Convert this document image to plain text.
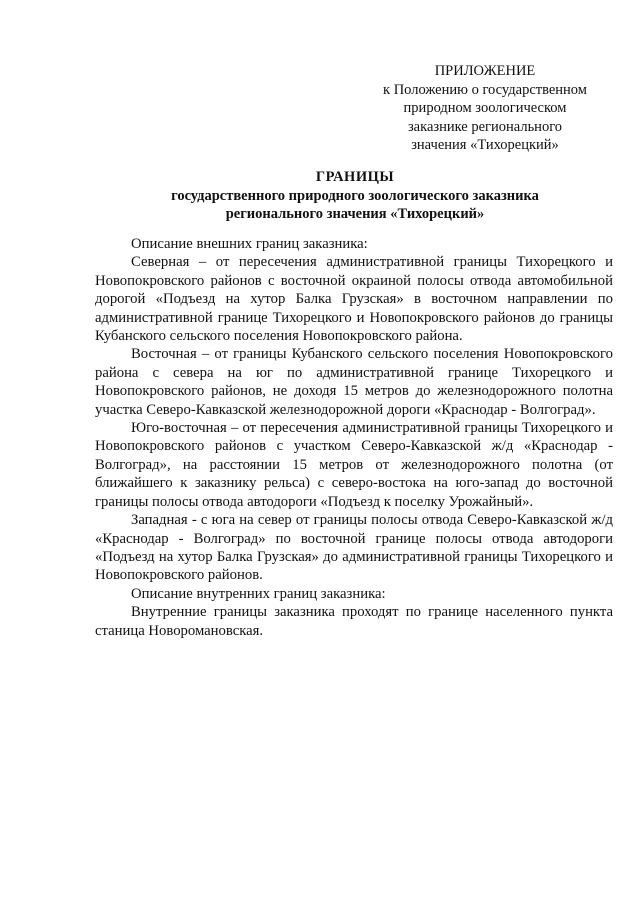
ПРИЛОЖЕНИЕ
к Положению о государственном
природном зоологическом
заказнике регионального
значения «Тихорецкий»
ГРАНИЦЫ
государственного природного зоологического заказника
регионального значения «Тихорецкий»

Описание внешних границ заказника:

Северная – от пересечения административной границы Тихорецкого и Новопокровского районов с восточной окраиной полосы отвода автомобильной дорогой «Подъезд на хутор Балка Грузская» в восточном направлении по административной границе Тихорецкого и Новопокровского районов до границы Кубанского сельского поселения Новопокровского района.

Восточная – от границы Кубанского сельского поселения Новопокровского района с севера на юг по административной границе Тихорецкого и Новопокровского районов, не доходя 15 метров до железнодорожного полотна участка Северо-Кавказской железнодорожной дороги «Краснодар - Волгоград».

Юго-восточная – от пересечения административной границы Тихорецкого и Новопокровского районов с участком Северо-Кавказской ж/д «Краснодар - Волгоград», на расстоянии 15 метров от железнодорожного полотна (от ближайшего к заказнику рельса) с северо-востока на юго-запад до восточной границы полосы отвода автодороги «Подъезд к поселку Урожайный».

Западная - с юга на север от границы полосы отвода Северо-Кавказской ж/д «Краснодар - Волгоград» по восточной границе полосы отвода автодороги «Подъезд на хутор Балка Грузская» до административной границы Тихорецкого и Новопокровского районов.

Описание внутренних границ заказника:

Внутренние границы заказника проходят по границе населенного пункта станица Новоромановская.
